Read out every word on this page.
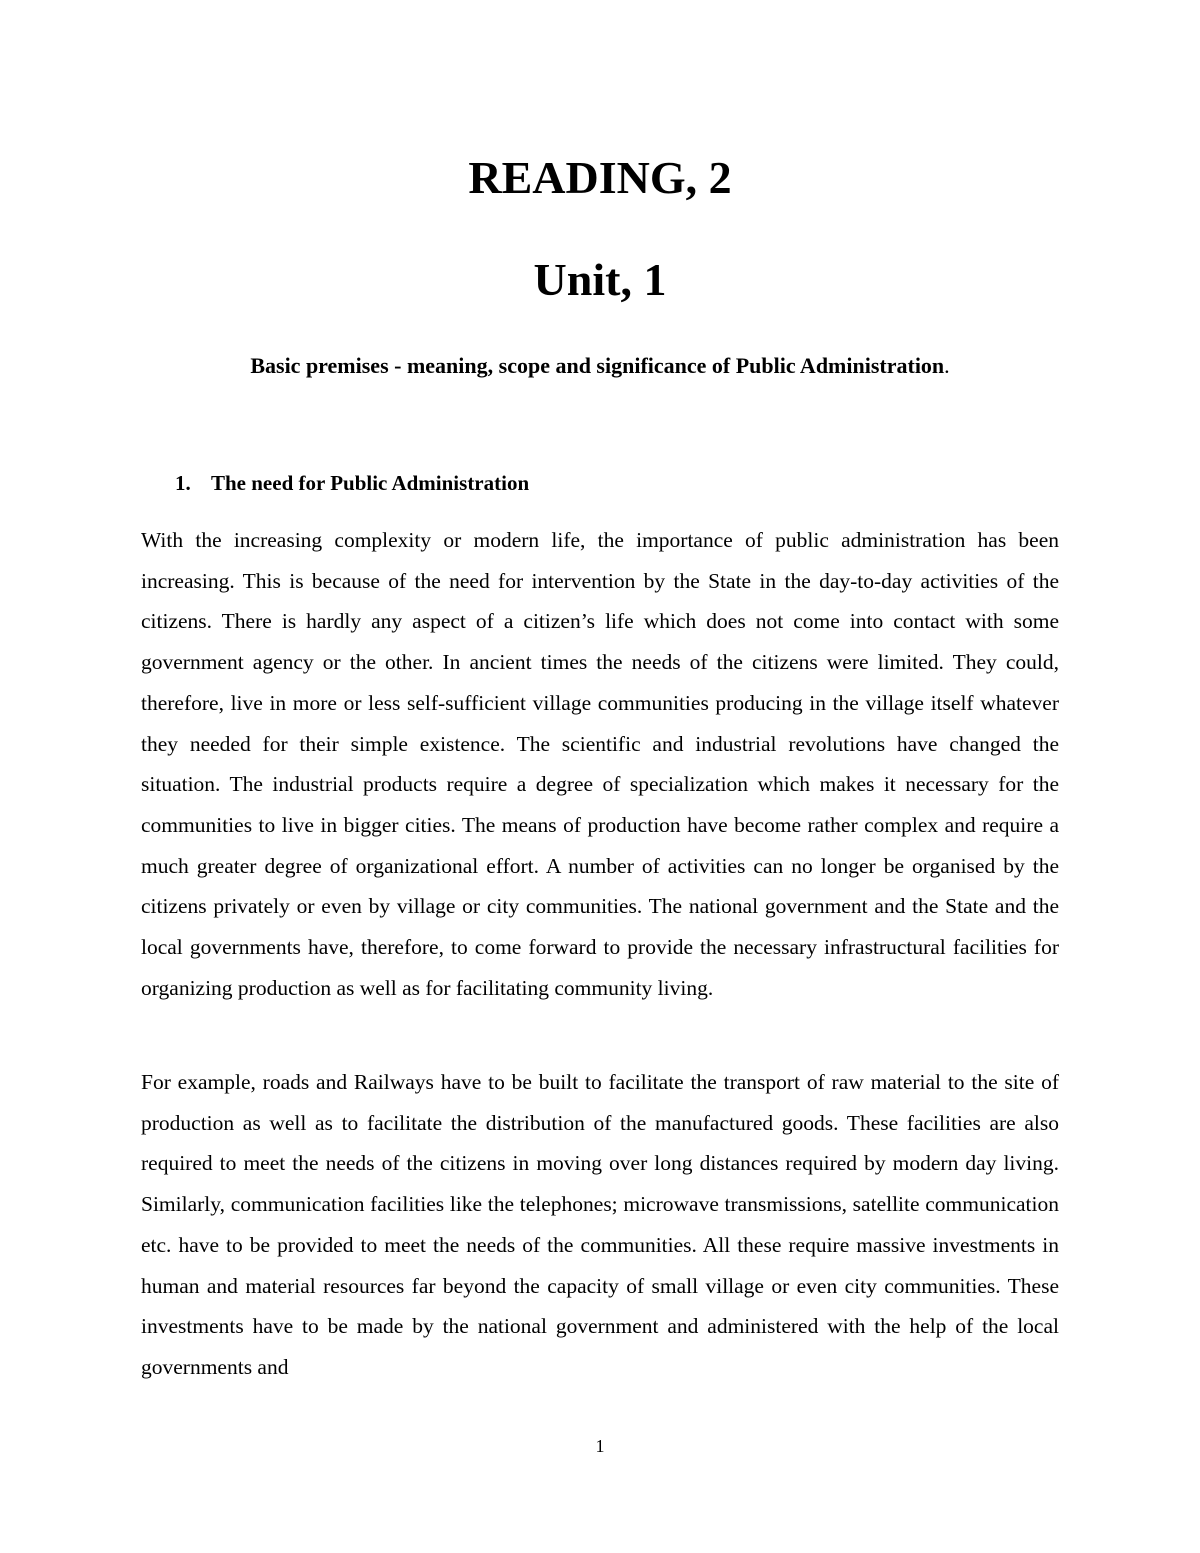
READING, 2
Unit, 1

Basic premises - meaning, scope and significance of Public Administration.

1. The need for Public Administration

With the increasing complexity or modern life, the importance of public administration has been increasing. This is because of the need for intervention by the State in the day-to-day activities of the citizens. There is hardly any aspect of a citizen’s life which does not come into contact with some government agency or the other. In ancient times the needs of the citizens were limited. They could, therefore, live in more or less self-sufficient village communities producing in the village itself whatever they needed for their simple existence. The scientific and industrial revolutions have changed the situation. The industrial products require a degree of specialization which makes it necessary for the communities to live in bigger cities. The means of production have become rather complex and require a much greater degree of organizational effort. A number of activities can no longer be organised by the citizens privately or even by village or city communities. The national government and the State and the local governments have, therefore, to come forward to provide the necessary infrastructural facilities for organizing production as well as for facilitating community living.

For example, roads and Railways have to be built to facilitate the transport of raw material to the site of production as well as to facilitate the distribution of the manufactured goods. These facilities are also required to meet the needs of the citizens in moving over long distances required by modern day living. Similarly, communication facilities like the telephones; microwave transmissions, satellite communication etc. have to be provided to meet the needs of the communities. All these require massive investments in human and material resources far beyond the capacity of small village or even city communities. These investments have to be made by the national government and administered with the help of the local governments and

1
